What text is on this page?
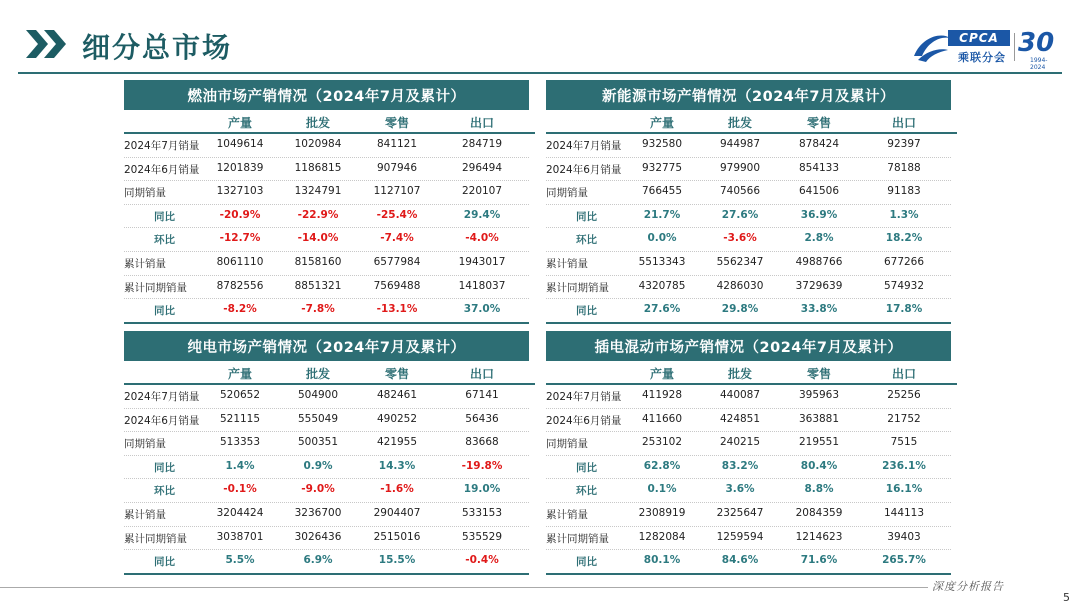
细分总市场	CPCA
乘联分会 30
1994-2024
燃油市场产销情况（2024年7月及累计）
产量	批发	零售	出口
2024年7月销量	1049614	1020984	841121	284719
2024年6月销量	1201839	1186815	907946	296494
同期销量	1327103	1324791	1127107	220107
同比	-20.9%	-22.9%	-25.4%	29.4%
环比	-12.7%	-14.0%	-7.4%	-4.0%
累计销量	8061110	8158160	6577984	1943017
累计同期销量	8782556	8851321	7569488	1418037
同比	-8.2%	-7.8%	-13.1%	37.0%
新能源市场产销情况（2024年7月及累计）
产量	批发	零售	出口
2024年7月销量	932580	944987	878424	92397
2024年6月销量	932775	979900	854133	78188
同期销量	766455	740566	641506	91183
同比	21.7%	27.6%	36.9%	1.3%
环比	0.0%	-3.6%	2.8%	18.2%
累计销量	5513343	5562347	4988766	677266
累计同期销量	4320785	4286030	3729639	574932
同比	27.6%	29.8%	33.8%	17.8%
纯电市场产销情况（2024年7月及累计）
产量	批发	零售	出口
2024年7月销量	520652	504900	482461	67141
2024年6月销量	521115	555049	490252	56436
同期销量	513353	500351	421955	83668
同比	1.4%	0.9%	14.3%	-19.8%
环比	-0.1%	-9.0%	-1.6%	19.0%
累计销量	3204424	3236700	2904407	533153
累计同期销量	3038701	3026436	2515016	535529
同比	5.5%	6.9%	15.5%	-0.4%
插电混动市场产销情况（2024年7月及累计）
产量	批发	零售	出口
2024年7月销量	411928	440087	395963	25256
2024年6月销量	411660	424851	363881	21752
同期销量	253102	240215	219551	7515
同比	62.8%	83.2%	80.4%	236.1%
环比	0.1%	3.6%	8.8%	16.1%
累计销量	2308919	2325647	2084359	144113
累计同期销量	1282084	1259594	1214623	39403
同比	80.1%	84.6%	71.6%	265.7%
深度分析报告
5
